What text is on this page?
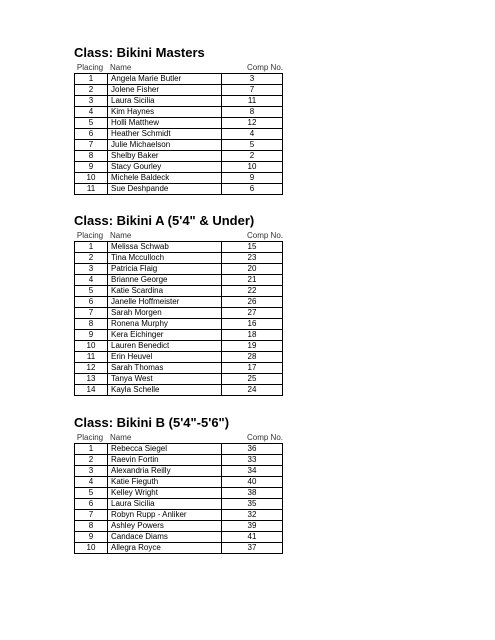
Class: Bikini Masters
Placing Name	Comp No.
1	Angela Marie Butler	3
2	Jolene Fisher	7
3	Laura Sicilia	11
4	Kim Haynes	8
5	Holli Matthew	12
6	Heather Schmidt	4
7	Julie Michaelson	5
8	Shelby Baker	2
9	Stacy Gourley	10
10	Michele Baldeck	9
11	Sue Deshpande	6
Class: Bikini A (5'4" & Under)
Placing Name	Comp No.
1	Melissa Schwab	15
2	Tina Mcculloch	23
3	Patricia Flaig	20
4	Brianne George	21
5	Katie Scardina	22
6	Janelle Hoffmeister	26
7	Sarah Morgen	27
8	Ronena Murphy	16
9	Kera Eichinger	18
10	Lauren Benedict	19
11	Erin Heuvel	28
12	Sarah Thomas	17
13	Tanya West	25
14	Kayla Schelle	24
Class: Bikini B (5'4"-5'6")
Placing Name	Comp No.
1	Rebecca Siegel	36
2	Raevin Fortin	33
3	Alexandria Reilly	34
4	Katie Fieguth	40
5	Kelley Wright	38
6	Laura Sicilia	35
7	Robyn Rupp - Anliker	32
8	Ashley Powers	39
9	Candace Diams	41
10	Allegra Royce	37
